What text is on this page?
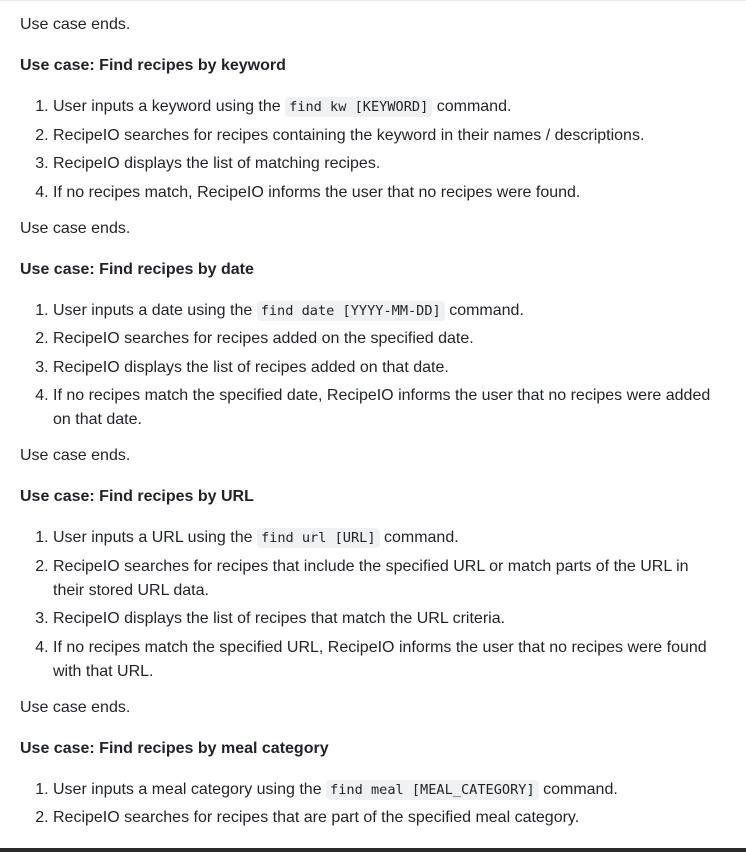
Use case ends.

Use case: Find recipes by keyword

1. User inputs a keyword using the find kw [KEYWORD] command.
2. RecipeIO searches for recipes containing the keyword in their names / descriptions.
3. RecipeIO displays the list of matching recipes.
4. If no recipes match, RecipeIO informs the user that no recipes were found.

Use case ends.

Use case: Find recipes by date

1. User inputs a date using the find date [YYYY-MM-DD] command.
2. RecipeIO searches for recipes added on the specified date.
3. RecipeIO displays the list of recipes added on that date.
4. If no recipes match the specified date, RecipeIO informs the user that no recipes were added on that date.

Use case ends.

Use case: Find recipes by URL

1. User inputs a URL using the find url [URL] command.
2. RecipeIO searches for recipes that include the specified URL or match parts of the URL in their stored URL data.
3. RecipeIO displays the list of recipes that match the URL criteria.
4. If no recipes match the specified URL, RecipeIO informs the user that no recipes were found with that URL.

Use case ends.

Use case: Find recipes by meal category

1. User inputs a meal category using the find meal [MEAL_CATEGORY] command.
2. RecipeIO searches for recipes that are part of the specified meal category.
